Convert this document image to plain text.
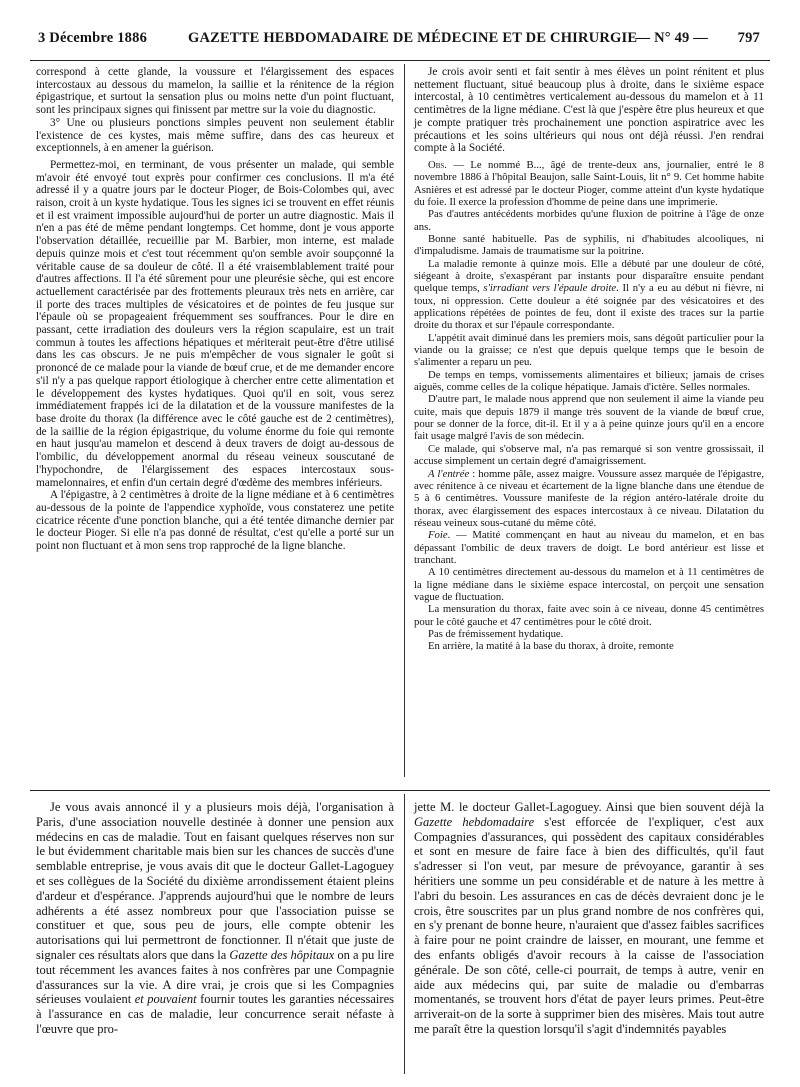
3 Décembre 1886	GAZETTE HEBDOMADAIRE DE MÉDECINE ET DE CHIRURGIE
— N° 49 — 797

correspond à cette glande, la voussure et l'élargissement des espaces intercostaux au dessous du mamelon, la saillie et la rénitence de la région épigastrique, et surtout la sensation plus ou moins nette d'un point fluctuant, sont les principaux signes qui finissent par mettre sur la voie du diagnostic.

3° Une ou plusieurs ponctions simples peuvent non seulement établir l'existence de ces kystes, mais même suffire, dans des cas heureux et exceptionnels, à en amener la guérison.

Permettez-moi, en terminant, de vous présenter un malade, qui semble m'avoir été envoyé tout exprès pour confirmer ces conclusions. Il m'a été adressé il y a quatre jours par le docteur Pioger, de Bois-Colombes qui, avec raison, croit à un kyste hydatique. Tous les signes ici se trouvent en effet réunis et il est vraiment impossible aujourd'hui de porter un autre diagnostic. Mais il n'en a pas été de même pendant longtemps. Cet homme, dont je vous apporte l'observation détaillée, recueillie par M. Barbier, mon interne, est malade depuis quinze mois et c'est tout récemment qu'on semble avoir soupçonné la véritable cause de sa douleur de côté. Il a été vraisemblablement traité pour d'autres affections. Il l'a été sûrement pour une pleurésie sèche, qui est encore actuellement caractérisée par des frottements pleuraux très nets en arrière, car il porte des traces multiples de vésicatoires et de pointes de feu jusque sur l'épaule où se propageaient fréquemment ses souffrances. Pour le dire en passant, cette irradiation des douleurs vers la région scapulaire, est un trait commun à toutes les affections hépatiques et mériterait peut-être d'être utilisé dans les cas obscurs. Je ne puis m'empêcher de vous signaler le goût si prononcé de ce malade pour la viande de bœuf crue, et de me demander encore s'il n'y a pas quelque rapport étiologique à chercher entre cette alimentation et le développement des kystes hydatiques. Quoi qu'il en soit, vous serez immédiatement frappés ici de la dilatation et de la voussure manifestes de la base droite du thorax (la différence avec le côté gauche est de 2 centimètres), de la saillie de la région épigastrique, du volume énorme du foie qui remonte en haut jusqu'au mamelon et descend à deux travers de doigt au-dessous de l'ombilic, du développement anormal du réseau veineux souscutané de l'hypochondre, de l'élargissement des espaces intercostaux sous-mamelonnaires, et enfin d'un certain degré d'œdème des membres inférieurs.

A l'épigastre, à 2 centimètres à droite de la ligne médiane et à 6 centimètres au-dessous de la pointe de l'appendice xyphoïde, vous constaterez une petite cicatrice récente d'une ponction blanche, qui a été tentée dimanche dernier par le docteur Pioger. Si elle n'a pas donné de résultat, c'est qu'elle a porté sur un point non fluctuant et à mon sens trop rapproché de la ligne blanche.

Je crois avoir senti et fait sentir à mes élèves un point rénitent et plus nettement fluctuant, situé beaucoup plus à droite, dans le sixième espace intercostal, à 10 centimètres verticalement au-dessous du mamelon et à 11 centimètres de la ligne médiane. C'est là que j'espère être plus heureux et que je compte pratiquer très prochainement une ponction aspiratrice avec les précautions et les soins ultérieurs qui nous ont déjà réussi. J'en rendrai compte à la Société.

Obs. — Le nommé B..., âgé de trente-deux ans, journalier, entré le 8 novembre 1886 à l'hôpital Beaujon, salle Saint-Louis, lit n° 9. Cet homme habite Asnières et est adressé par le docteur Pioger, comme atteint d'un kyste hydatique du foie. Il exerce la profession d'homme de peine dans une imprimerie.

Pas d'autres antécédents morbides qu'une fluxion de poitrine à l'âge de onze ans.

Bonne santé habituelle. Pas de syphilis, ni d'habitudes alcooliques, ni d'impaludisme. Jamais de traumatisme sur la poitrine.

La maladie remonte à quinze mois. Elle a débuté par une douleur de côté, siégeant à droite, s'exaspérant par instants pour disparaître ensuite pendant quelque temps, s'irradiant vers l'épaule droite. Il n'y a eu au début ni fièvre, ni toux, ni oppression. Cette douleur a été soignée par des vésicatoires et des applications répétées de pointes de feu, dont il existe des traces sur la partie droite du thorax et sur l'épaule correspondante.

L'appétit avait diminué dans les premiers mois, sans dégoût particulier pour la viande ou la graisse; ce n'est que depuis quelque temps que le besoin de s'alimenter a reparu un peu.

De temps en temps, vomissements alimentaires et bilieux; jamais de crises aiguës, comme celles de la colique hépatique. Jamais d'ictère. Selles normales.

D'autre part, le malade nous apprend que non seulement il aime la viande peu cuite, mais que depuis 1879 il mange très souvent de la viande de bœuf crue, pour se donner de la force, dit-il. Et il y a à peine quinze jours qu'il en a encore fait usage malgré l'avis de son médecin.

Ce malade, qui s'observe mal, n'a pas remarqué si son ventre grossissait, il accuse simplement un certain degré d'amaigrissement.

A l'entrée : homme pâle, assez maigre. Voussure assez marquée de l'épigastre, avec rénitence à ce niveau et écartement de la ligne blanche dans une étendue de 5 à 6 centimètres. Voussure manifeste de la région antéro-latérale droite du thorax, avec élargissement des espaces intercostaux à ce niveau. Dilatation du réseau veineux sous-cutané du même côté.

Foie. — Matité commençant en haut au niveau du mamelon, et en bas dépassant l'ombilic de deux travers de doigt. Le bord antérieur est lisse et tranchant.

A 10 centimètres directement au-dessous du mamelon et à 11 centimètres de la ligne médiane dans le sixième espace intercostal, on perçoit une sensation vague de fluctuation.

La mensuration du thorax, faite avec soin à ce niveau, donne 45 centimètres pour le côté gauche et 47 centimètres pour le côté droit.

Pas de frémissement hydatique.

En arrière, la matité à la base du thorax, à droite, remonte

Je vous avais annoncé il y a plusieurs mois déjà, l'organisation à Paris, d'une association nouvelle destinée à donner une pension aux médecins en cas de maladie. Tout en faisant quelques réserves non sur le but évidemment charitable mais bien sur les chances de succès d'une semblable entreprise, je vous avais dit que le docteur Gallet-Lagoguey et ses collègues de la Société du dixième arrondissement étaient pleins d'ardeur et d'espérance. J'apprends aujourd'hui que le nombre de leurs adhérents a été assez nombreux pour que l'association puisse se constituer et que, sous peu de jours, elle compte obtenir les autorisations qui lui permettront de fonctionner. Il n'était que juste de signaler ces résultats alors que dans la Gazette des hôpitaux on a pu lire tout récemment les avances faites à nos confrères par une Compagnie d'assurances sur la vie. A dire vrai, je crois que si les Compagnies sérieuses voulaient et pouvaient fournir toutes les garanties nécessaires à l'assurance en cas de maladie, leur concurrence serait néfaste à l'œuvre que pro-

jette M. le docteur Gallet-Lagoguey. Ainsi que bien souvent déjà la Gazette hebdomadaire s'est efforcée de l'expliquer, c'est aux Compagnies d'assurances, qui possèdent des capitaux considérables et sont en mesure de faire face à bien des difficultés, qu'il faut s'adresser si l'on veut, par mesure de prévoyance, garantir à ses héritiers une somme un peu considérable et de nature à les mettre à l'abri du besoin. Les assurances en cas de décès devraient donc je le crois, être souscrites par un plus grand nombre de nos confrères qui, en s'y prenant de bonne heure, n'auraient que d'assez faibles sacrifices à faire pour ne point craindre de laisser, en mourant, une femme et des enfants obligés d'avoir recours à la caisse de l'association générale. De son côté, celle-ci pourrait, de temps à autre, venir en aide aux médecins qui, par suite de maladie ou d'embarras momentanés, se trouvent hors d'état de payer leurs primes. Peut-être arriverait-on de la sorte à supprimer bien des misères. Mais tout autre me paraît être la question lorsqu'il s'agit d'indemnités payables
